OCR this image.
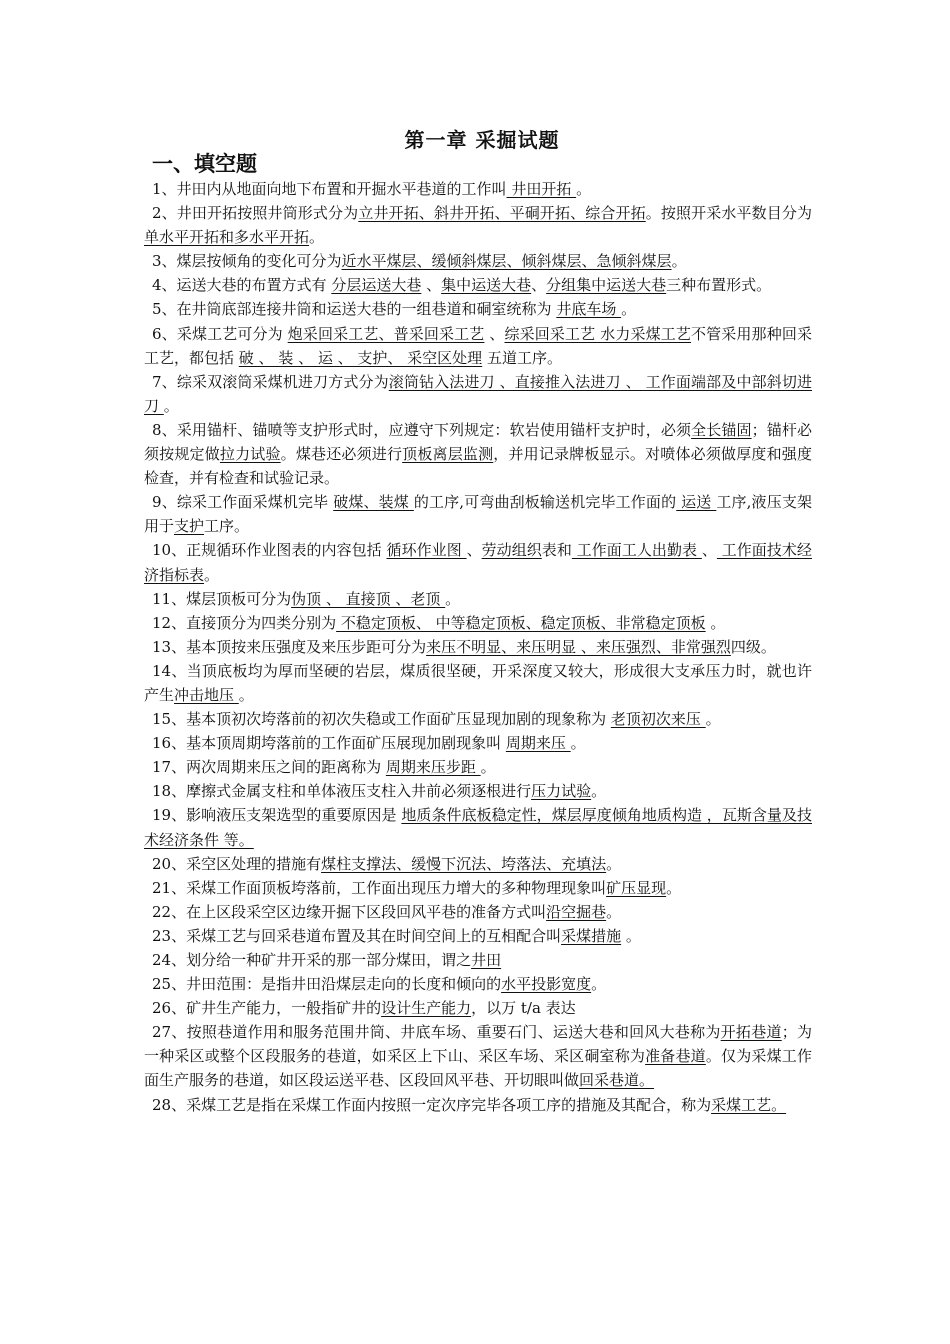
第一章 采掘试题
一、填空题
1、井田内从地面向地下布置和开掘水平巷道的工作叫 井田开拓 。
2、井田开拓按照井筒形式分为立井开拓、斜井开拓、平硐开拓、综合开拓。按照开采水平数目分为单水平开拓和多水平开拓。
3、煤层按倾角的变化可分为近水平煤层、缓倾斜煤层、倾斜煤层、急倾斜煤层。
4、运送大巷的布置方式有 分层运送大巷 、集中运送大巷、分组集中运送大巷三种布置形式。
5、在井筒底部连接井筒和运送大巷的一组巷道和硐室统称为 井底车场 。
6、采煤工艺可分为 炮采回采工艺、普采回采工艺 、综采回采工艺 水力采煤工艺不管采用那种回采工艺，都包括 破 、 装 、 运 、 支护、 采空区处理 五道工序。
7、综采双滚筒采煤机进刀方式分为滚筒钻入法进刀 、直接推入法进刀 、 工作面端部及中部斜切进刀 。
8、采用锚杆、锚喷等支护形式时，应遵守下列规定：软岩使用锚杆支护时，必须全长锚固；锚杆必须按规定做拉力试验。煤巷还必须进行顶板离层监测，并用记录牌板显示。对喷体必须做厚度和强度检查，并有检查和试验记录。
9、综采工作面采煤机完毕 破煤、装煤 的工序,可弯曲刮板输送机完毕工作面的 运送 工序,液压支架用于支护工序。
10、正规循环作业图表的内容包括 循环作业图 、劳动组织表和 工作面工人出勤表 、 工作面技术经济指标表。
11、煤层顶板可分为伪顶 、 直接顶 、老顶 。
12、直接顶分为四类分别为 不稳定顶板、 中等稳定顶板、稳定顶板、非常稳定顶板 。
13、基本顶按来压强度及来压步距可分为来压不明显、来压明显 、来压强烈、非常强烈四级。
14、当顶底板均为厚而坚硬的岩层，煤质很坚硬，开采深度又较大，形成很大支承压力时，就也许产生冲击地压 。
15、基本顶初次垮落前的初次失稳或工作面矿压显现加剧的现象称为 老顶初次来压 。
16、基本顶周期垮落前的工作面矿压展现加剧现象叫 周期来压 。
17、两次周期来压之间的距离称为 周期来压步距 。
18、摩擦式金属支柱和单体液压支柱入井前必须逐根进行压力试验。
19、影响液压支架选型的重要原因是 地质条件底板稳定性，煤层厚度倾角地质构造 ，瓦斯含量及技术经济条件 等。
20、采空区处理的措施有煤柱支撑法、缓慢下沉法、垮落法、充填法。
21、采煤工作面顶板垮落前，工作面出现压力增大的多种物理现象叫矿压显现。
22、在上区段采空区边缘开掘下区段回风平巷的准备方式叫沿空掘巷。
23、采煤工艺与回采巷道布置及其在时间空间上的互相配合叫采煤措施 。
24、划分给一种矿井开采的那一部分煤田，谓之井田
25、井田范围：是指井田沿煤层走向的长度和倾向的水平投影宽度。
26、矿井生产能力，一般指矿井的设计生产能力，以万 t/a 表达
27、按照巷道作用和服务范围井筒、井底车场、重要石门、运送大巷和回风大巷称为开拓巷道；为一种采区或整个区段服务的巷道，如采区上下山、采区车场、采区硐室称为准备巷道。仅为采煤工作面生产服务的巷道，如区段运送平巷、区段回风平巷、开切眼叫做回采巷道。
28、采煤工艺是指在采煤工作面内按照一定次序完毕各项工序的措施及其配合，称为采煤工艺。
